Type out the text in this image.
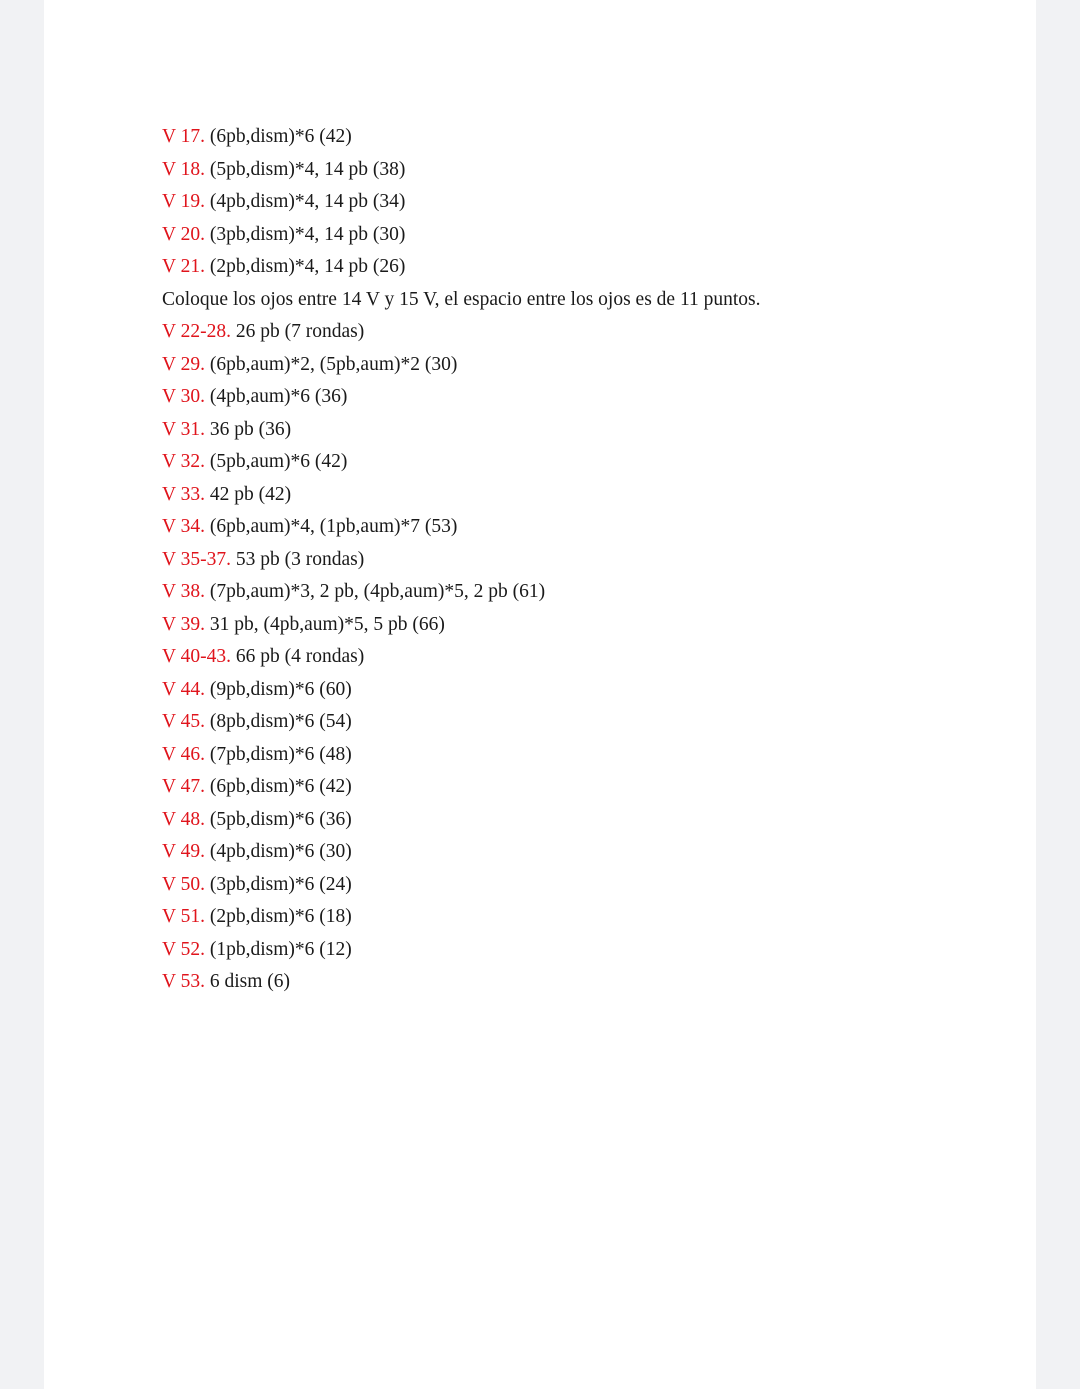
V 17. (6pb,dism)*6 (42)
V 18. (5pb,dism)*4, 14 pb (38)
V 19. (4pb,dism)*4, 14 pb (34)
V 20. (3pb,dism)*4, 14 pb (30)
V 21. (2pb,dism)*4, 14 pb (26)
Coloque los ojos entre 14 V y 15 V, el espacio entre los ojos es de 11 puntos.
V 22-28. 26 pb (7 rondas)
V 29. (6pb,aum)*2, (5pb,aum)*2 (30)
V 30. (4pb,aum)*6 (36)
V 31. 36 pb (36)
V 32. (5pb,aum)*6 (42)
V 33. 42 pb (42)
V 34. (6pb,aum)*4, (1pb,aum)*7 (53)
V 35-37. 53 pb (3 rondas)
V 38. (7pb,aum)*3, 2 pb, (4pb,aum)*5, 2 pb (61)
V 39. 31 pb, (4pb,aum)*5, 5 pb (66)
V 40-43. 66 pb (4 rondas)
V 44. (9pb,dism)*6 (60)
V 45. (8pb,dism)*6 (54)
V 46. (7pb,dism)*6 (48)
V 47. (6pb,dism)*6 (42)
V 48. (5pb,dism)*6 (36)
V 49. (4pb,dism)*6 (30)
V 50. (3pb,dism)*6 (24)
V 51. (2pb,dism)*6 (18)
V 52. (1pb,dism)*6 (12)
V 53. 6 dism (6)
